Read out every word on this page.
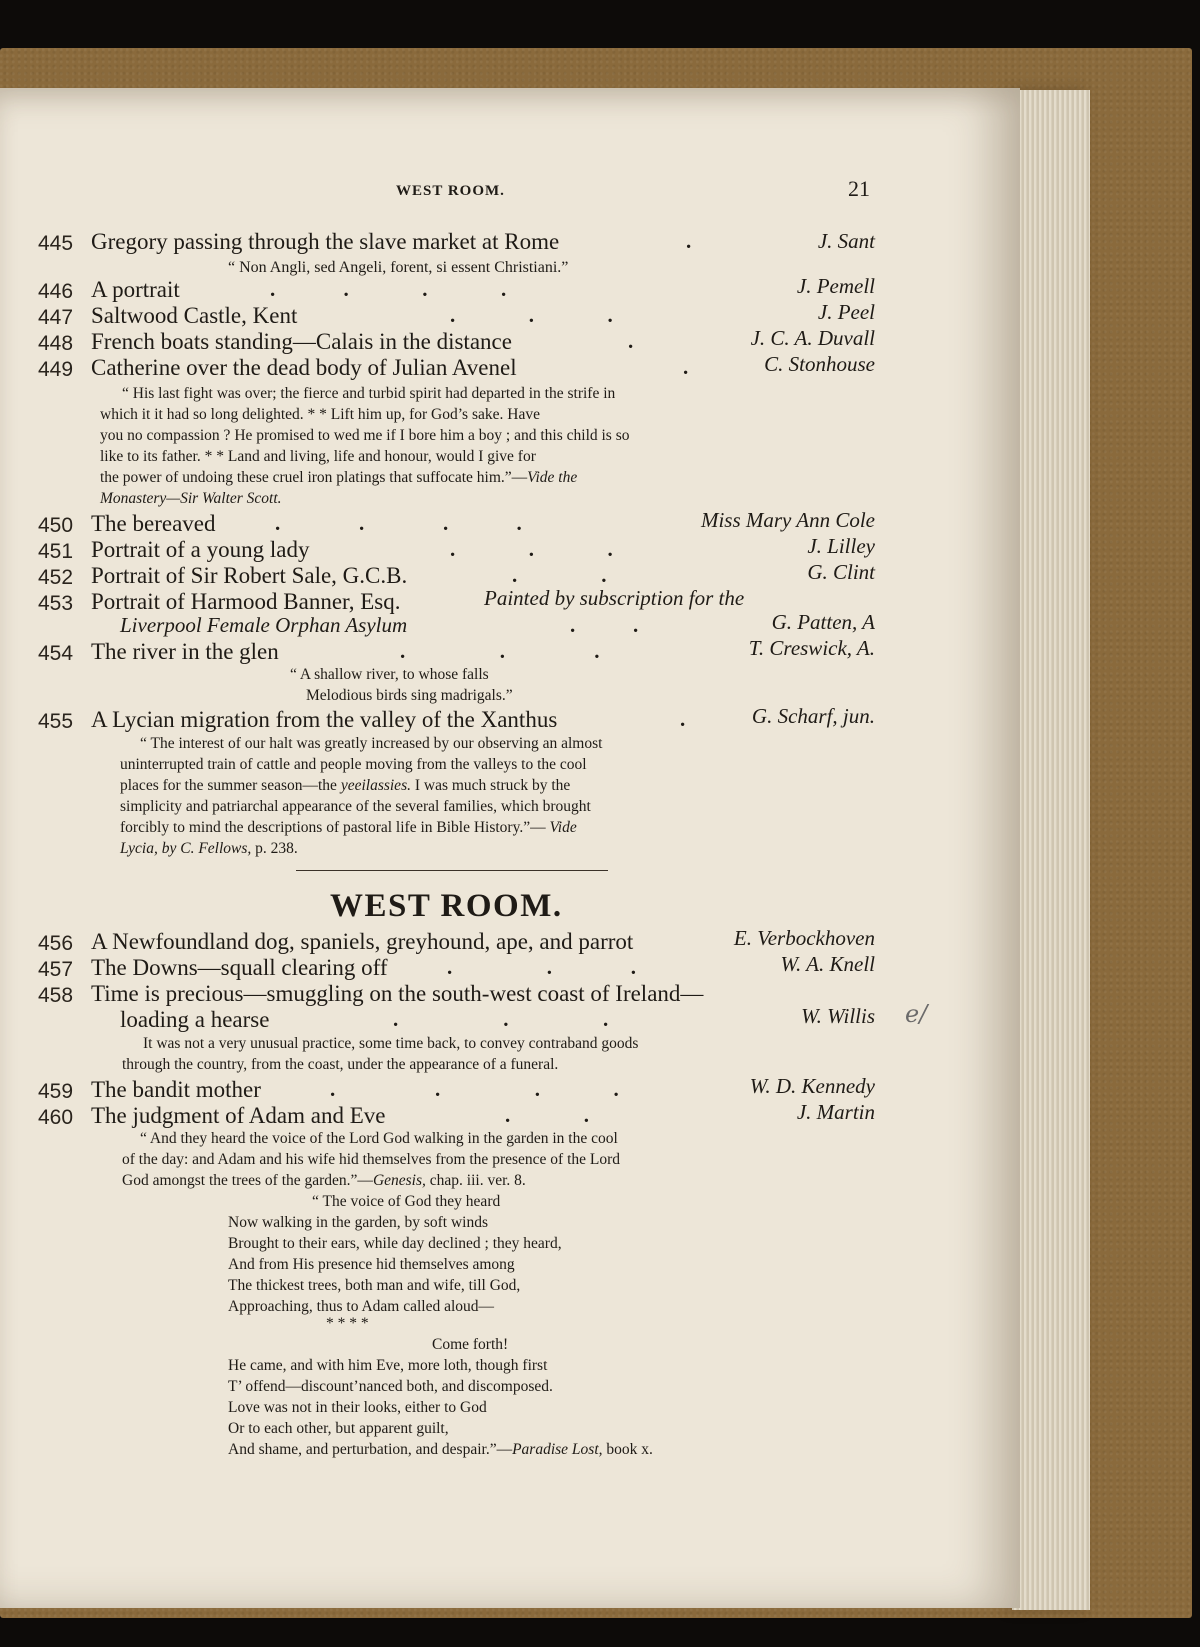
WEST ROOM.	21
445 Gregory passing through the slave market at Rome	.	J. Sant
“ Non Angli, sed Angeli, forent, si essent Christiani.”
446 A portrait	.             .              .              .	J. Pemell
447 Saltwood Castle, Kent	.              .              .	J. Peel
448 French boats standing—Calais in the distance	.	J. C. A. Duvall
449 Catherine over the dead body of Julian Avenel	.	C. Stonhouse
“ His last fight was over; the fierce and turbid spirit had departed in the strife in
which it it had so long delighted. * * Lift him up, for God’s sake. Have
you no compassion ? He promised to wed me if I bore him a boy ; and this child is so
like to its father. * * Land and living, life and honour, would I give for
the power of undoing these cruel iron platings that suffocate him.”—Vide the
Monastery—Sir Walter Scott.
450 The bereaved	.               .               .             .	Miss Mary Ann Cole
451 Portrait of a young lady	.              .              .	J. Lilley
452 Portrait of Sir Robert Sale, G.C.B.	.                .	G. Clint
453 Portrait of Harmood Banner, Esq.	Painted by subscription for the
Liverpool Female Orphan Asylum	.           .	G. Patten, A
454 The river in the glen	.                  .                 .	T. Creswick, A.
“ A shallow river, to whose falls
Melodious birds sing madrigals.”
455 A Lycian migration from the valley of the Xanthus	.	G. Scharf, jun.
“ The interest of our halt was greatly increased by our observing an almost
uninterrupted train of cattle and people moving from the valleys to the cool
places for the summer season—the yeeilassies. I was much struck by the
simplicity and patriarchal appearance of the several families, which brought
forcibly to mind the descriptions of pastoral life in Bible History.”— Vide
Lycia, by C. Fellows, p. 238.
WEST ROOM.
456 A Newfoundland dog, spaniels, greyhound, ape, and parrot	E. Verbockhoven
457 The Downs—squall clearing off	.                  .               .	W. A. Knell
458 Time is precious—smuggling on the south-west coast of Ireland—
loading a hearse	.                    .                  .	W. Willis
It was not a very unusual practice, some time back, to convey contraband goods
through the country, from the coast, under the appearance of a funeral.
e/
459 The bandit mother	.                   .                  .              .	W. D. Kennedy
460 The judgment of Adam and Eve	.              .	J. Martin
“ And they heard the voice of the Lord God walking in the garden in the cool
of the day: and Adam and his wife hid themselves from the presence of the Lord
God amongst the trees of the garden.”—Genesis, chap. iii. ver. 8.
“ The voice of God they heard
Now walking in the garden, by soft winds
Brought to their ears, while day declined ; they heard,
And from His presence hid themselves among
The thickest trees, both man and wife, till God,
Approaching, thus to Adam called aloud—
* * * *
Come forth!
He came, and with him Eve, more loth, though first
T’ offend—discount’nanced both, and discomposed.
Love was not in their looks, either to God
Or to each other, but apparent guilt,
And shame, and perturbation, and despair.”—Paradise Lost, book x.
